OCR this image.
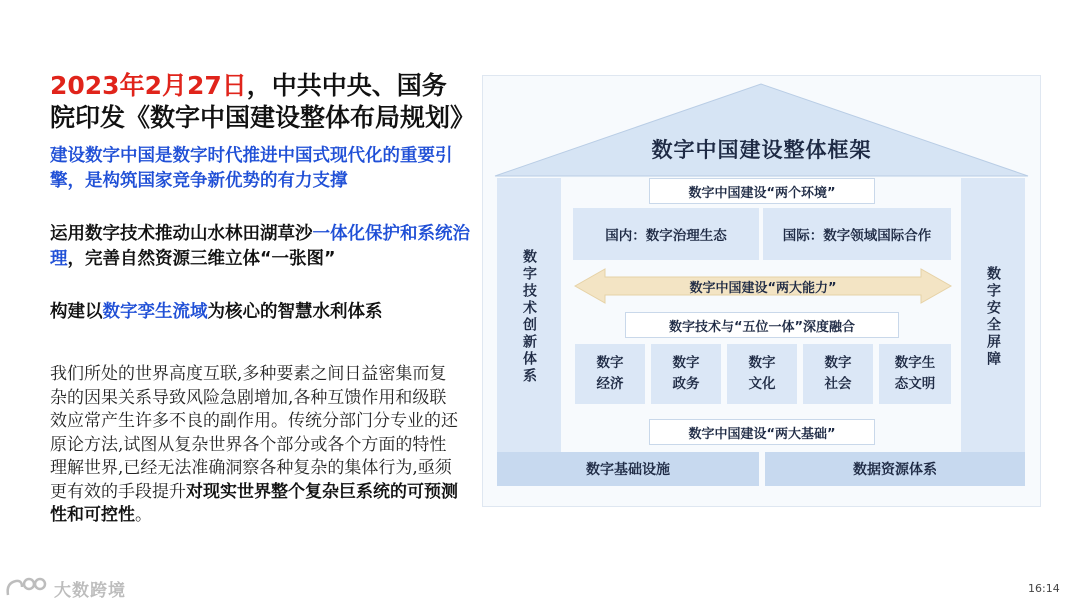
2023年2月27日，中共中央、国务院印发《数字中国建设整体布局规划》
建设数字中国是数字时代推进中国式现代化的重要引擎，是构筑国家竞争新优势的有力支撑
运用数字技术推动山水林田湖草沙一体化保护和系统治理，完善自然资源三维立体“一张图”
构建以数字孪生流域为核心的智慧水利体系
我们所处的世界高度互联,多种要素之间日益密集而复杂的因果关系导致风险急剧增加,各种互馈作用和级联效应常产生许多不良的副作用。传统分部门分专业的还原论方法,试图从复杂世界各个部分或各个方面的特性理解世界,已经无法准确洞察各种复杂的集体行为,亟须更有效的手段提升对现实世界整个复杂巨系统的可预测性和可控性。
数字中国建设整体框架
数字技术创新体系	数字安全屏障
数字中国建设“两个环境”
国内：数字治理生态	国际：数字领域国际合作
数字中国建设“两大能力”
数字技术与“五位一体”深度融合
数字
经济
数字
政务
数字
文化
数字
社会
数字生
态文明
数字中国建设“两大基础”
数字基础设施	数据资源体系
大数跨境	16:14
